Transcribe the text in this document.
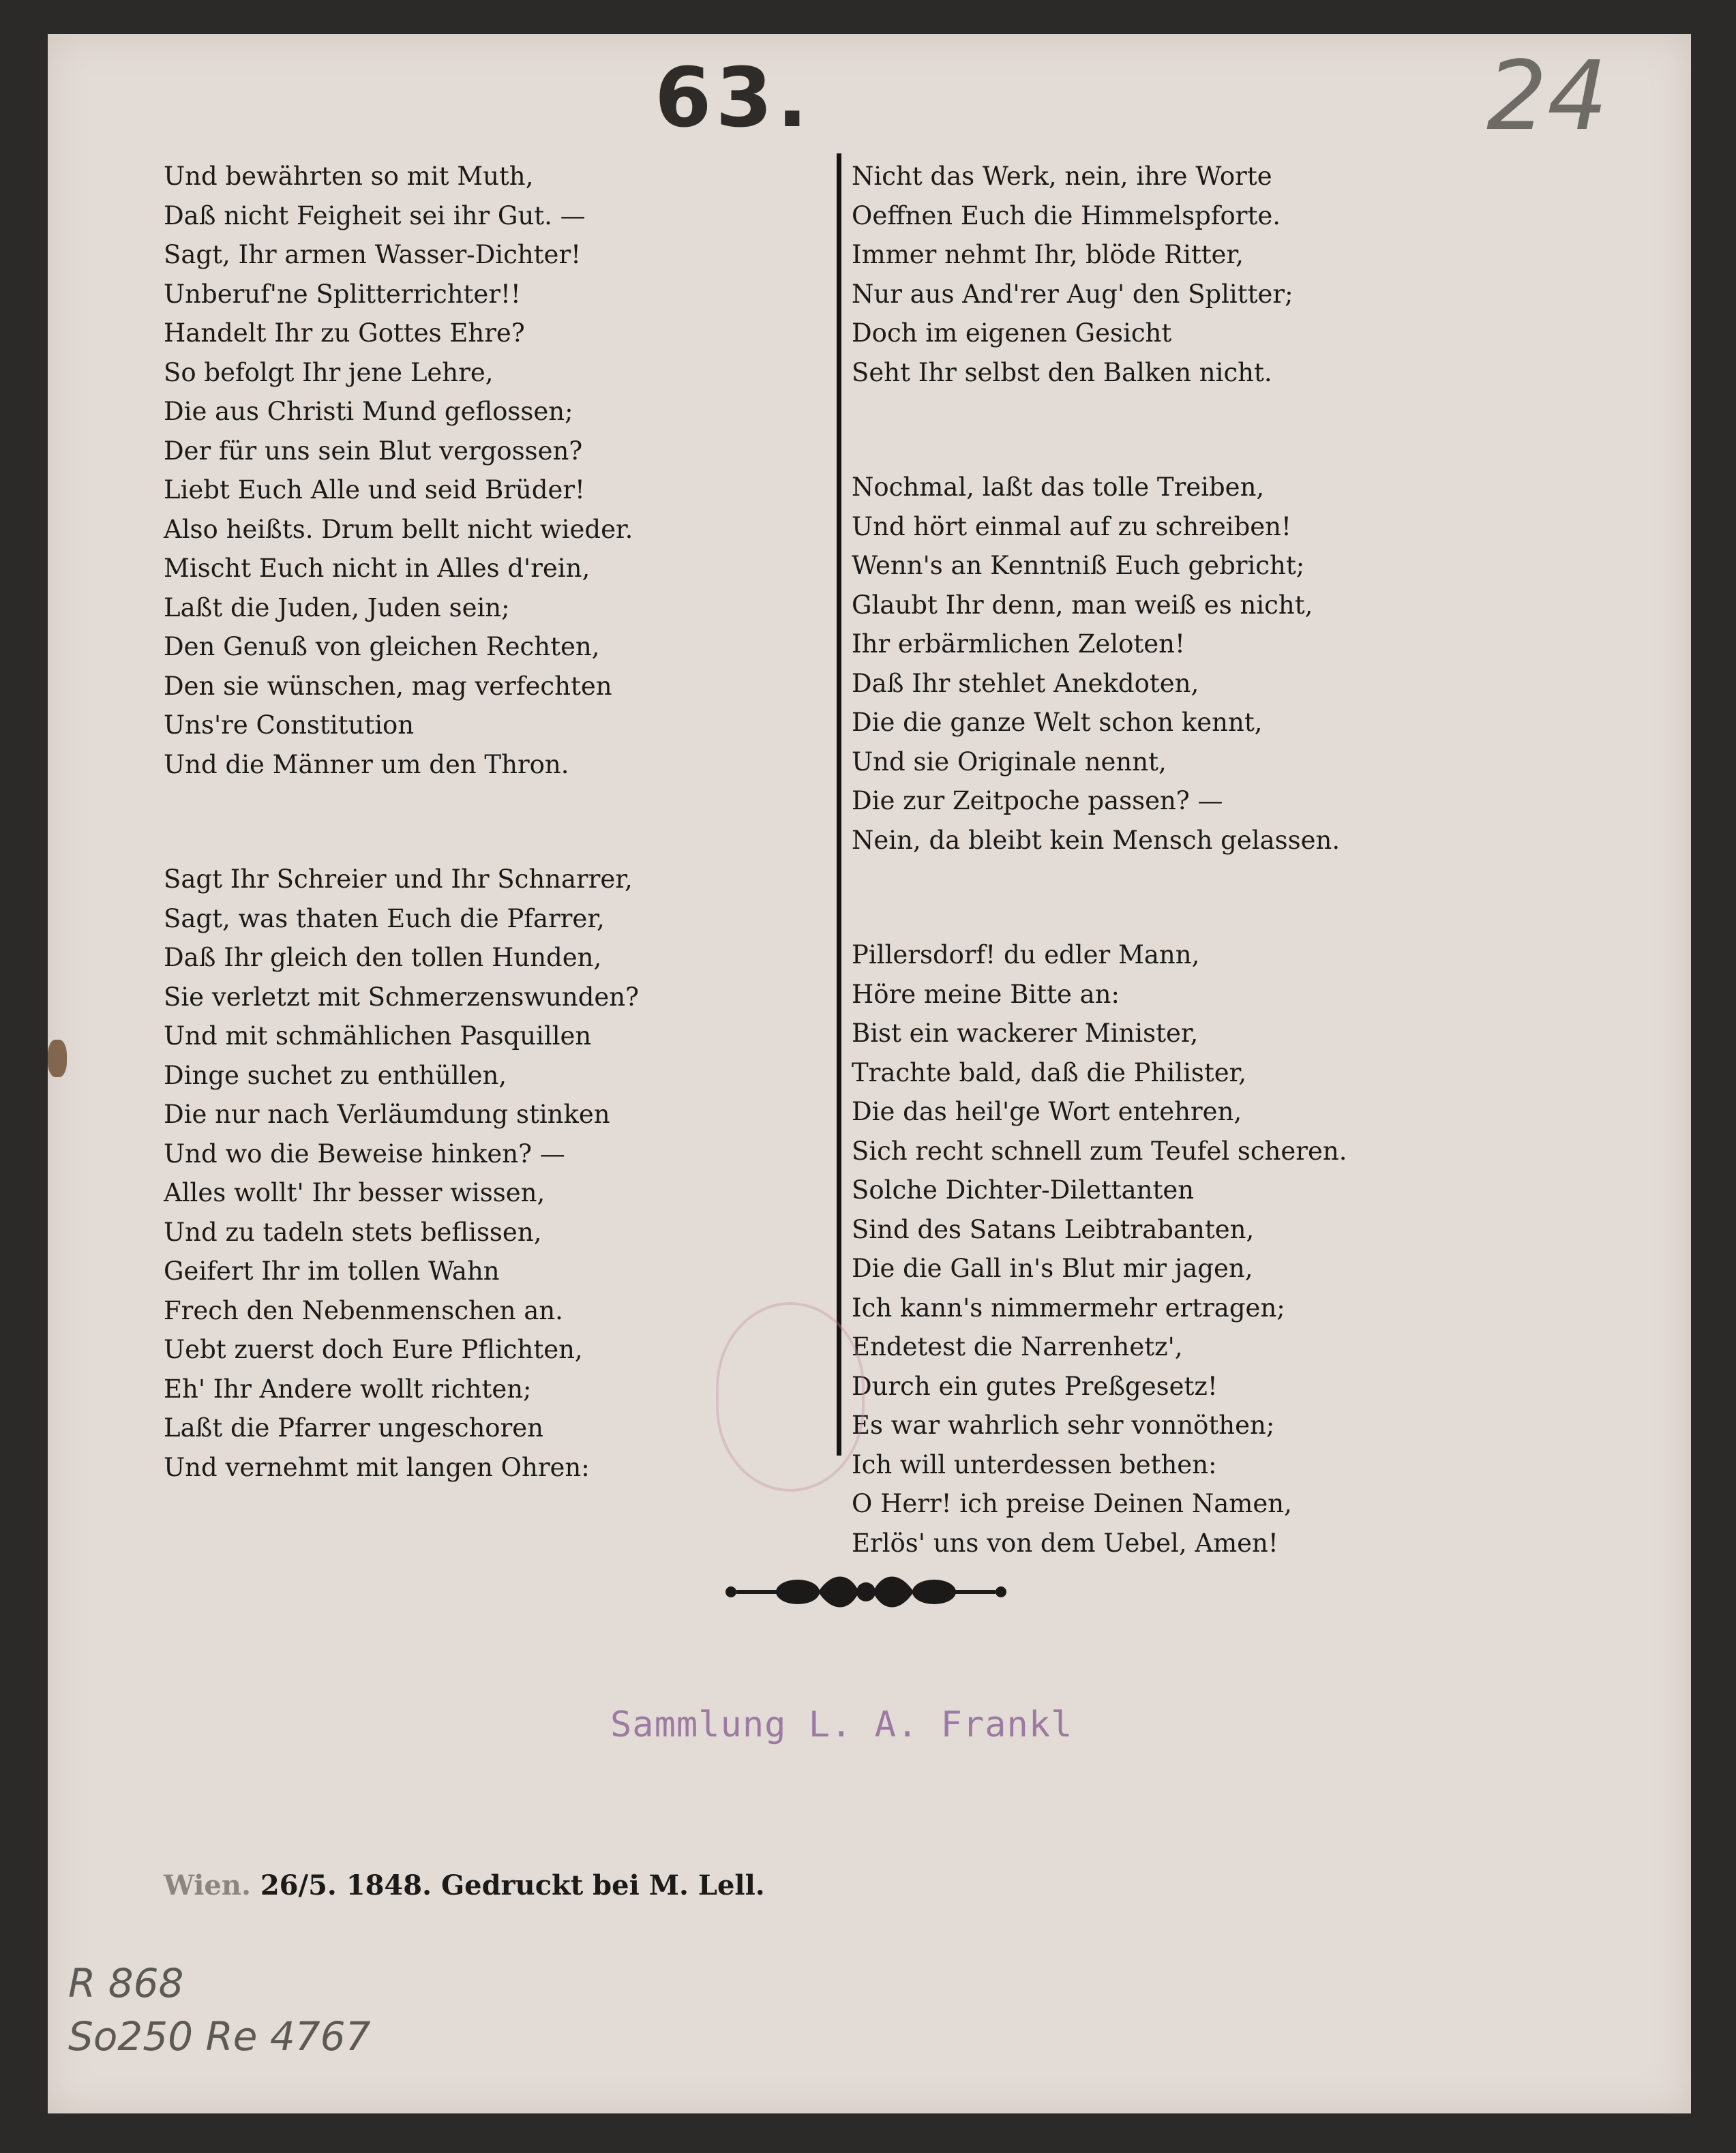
63.	24
Und bewährten so mit Muth,
Daß nicht Feigheit sei ihr Gut. —
Sagt, Ihr armen Wasser-Dichter!
Unberuf'ne Splitterrichter!!
Handelt Ihr zu Gottes Ehre?
So befolgt Ihr jene Lehre,
Die aus Christi Mund geflossen;
Der für uns sein Blut vergossen?
Liebt Euch Alle und seid Brüder!
Also heißts. Drum bellt nicht wieder.
Mischt Euch nicht in Alles d'rein,
Laßt die Juden, Juden sein;
Den Genuß von gleichen Rechten,
Den sie wünschen, mag verfechten
Uns're Constitution
Und die Männer um den Thron.
Sagt Ihr Schreier und Ihr Schnarrer,
Sagt, was thaten Euch die Pfarrer,
Daß Ihr gleich den tollen Hunden,
Sie verletzt mit Schmerzenswunden?
Und mit schmählichen Pasquillen
Dinge suchet zu enthüllen,
Die nur nach Verläumdung stinken
Und wo die Beweise hinken? —
Alles wollt' Ihr besser wissen,
Und zu tadeln stets beflissen,
Geifert Ihr im tollen Wahn
Frech den Nebenmenschen an.
Uebt zuerst doch Eure Pflichten,
Eh' Ihr Andere wollt richten;
Laßt die Pfarrer ungeschoren
Und vernehmt mit langen Ohren:
Nicht das Werk, nein, ihre Worte
Oeffnen Euch die Himmelspforte.
Immer nehmt Ihr, blöde Ritter,
Nur aus And'rer Aug' den Splitter;
Doch im eigenen Gesicht
Seht Ihr selbst den Balken nicht.
Nochmal, laßt das tolle Treiben,
Und hört einmal auf zu schreiben!
Wenn's an Kenntniß Euch gebricht;
Glaubt Ihr denn, man weiß es nicht,
Ihr erbärmlichen Zeloten!
Daß Ihr stehlet Anekdoten,
Die die ganze Welt schon kennt,
Und sie Originale nennt,
Die zur Zeitpoche passen? —
Nein, da bleibt kein Mensch gelassen.
Pillersdorf! du edler Mann,
Höre meine Bitte an:
Bist ein wackerer Minister,
Trachte bald, daß die Philister,
Die das heil'ge Wort entehren,
Sich recht schnell zum Teufel scheren.
Solche Dichter-Dilettanten
Sind des Satans Leibtrabanten,
Die die Gall in's Blut mir jagen,
Ich kann's nimmermehr ertragen;
Endetest die Narrenhetz',
Durch ein gutes Preßgesetz!
Es war wahrlich sehr vonnöthen;
Ich will unterdessen bethen:
O Herr! ich preise Deinen Namen,
Erlös' uns von dem Uebel, Amen!
Sammlung L. A. Frankl
Wien. 26/5. 1848. Gedruckt bei M. Lell.
R 868
So250 Re 4767
